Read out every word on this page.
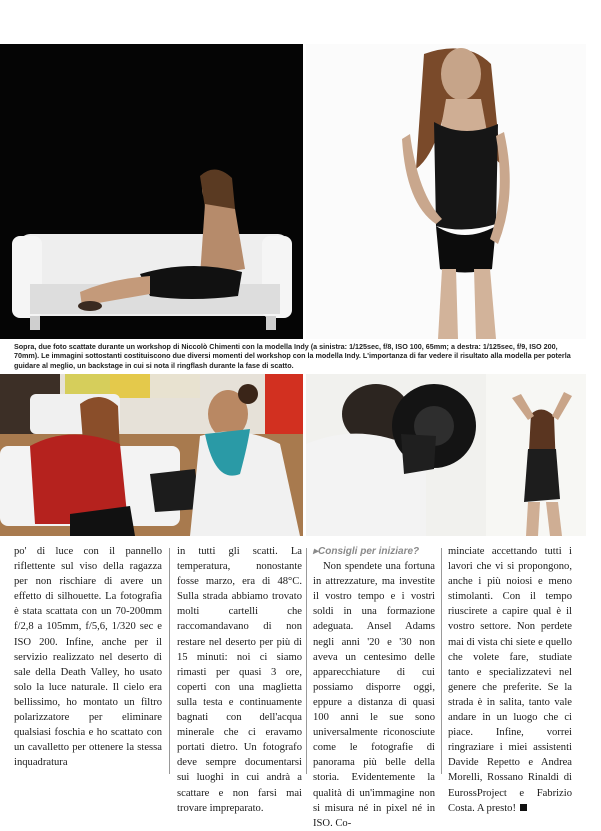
Sopra, due foto scattate durante un workshop di Niccolò Chimenti con la modella Indy (a sinistra: 1/125sec, f/8, ISO 100, 65mm; a destra: 1/125sec, f/9, ISO 200, 70mm). Le immagini sottostanti costituiscono due diversi momenti del workshop con la modella Indy. L'importanza di far vedere il risultato alla modella per poterla guidare al meglio, un backstage in cui si nota il ringflash durante la fase di scatto.

po' di luce con il pannello riflettente sul viso della ragazza per non rischiare di avere un effetto di silhouette. La fotografia è stata scattata con un 70-200mm f/2,8 a 105mm, f/5,6, 1/320 sec e ISO 200. Infine, anche per il servizio realizzato nel deserto di sale della Death Valley, ho usato solo la luce naturale. Il cielo era bellissimo, ho montato un filtro polarizzatore per eliminare qualsiasi foschia e ho scattato con un cavalletto per ottenere la stessa inquadratura

in tutti gli scatti. La temperatura, nonostante fosse marzo, era di 48°C. Sulla strada abbiamo trovato molti cartelli che raccomandavano di non restare nel deserto per più di 15 minuti: noi ci siamo rimasti per quasi 3 ore, coperti con una maglietta sulla testa e continuamente bagnati con dell'acqua minerale che ci eravamo portati dietro. Un fotografo deve sempre documentarsi sui luoghi in cui andrà a scattare e non farsi mai trovare impreparato.

▸Consigli per iniziare?

Non spendete una fortuna in attrezzature, ma investite il vostro tempo e i vostri soldi in una formazione adeguata. Ansel Adams negli anni '20 e '30 non aveva un centesimo delle apparecchiature di cui possiamo disporre oggi, eppure a distanza di quasi 100 anni le sue sono universalmente riconosciute come le fotografie di panorama più belle della storia. Evidentemente la qualità di un'immagine non si misura né in pixel né in ISO. Co-

minciate accettando tutti i lavori che vi si propongono, anche i più noiosi e meno stimolanti. Con il tempo riuscirete a capire qual è il vostro settore. Non perdete mai di vista chi siete e quello che volete fare, studiate tanto e specializzatevi nel genere che preferite. Se la strada è in salita, tanto vale andare in un luogo che ci piace. Infine, vorrei ringraziare i miei assistenti Davide Repetto e Andrea Morelli, Rossano Rinaldi di EurossProject e Fabrizio Costa. A presto!
